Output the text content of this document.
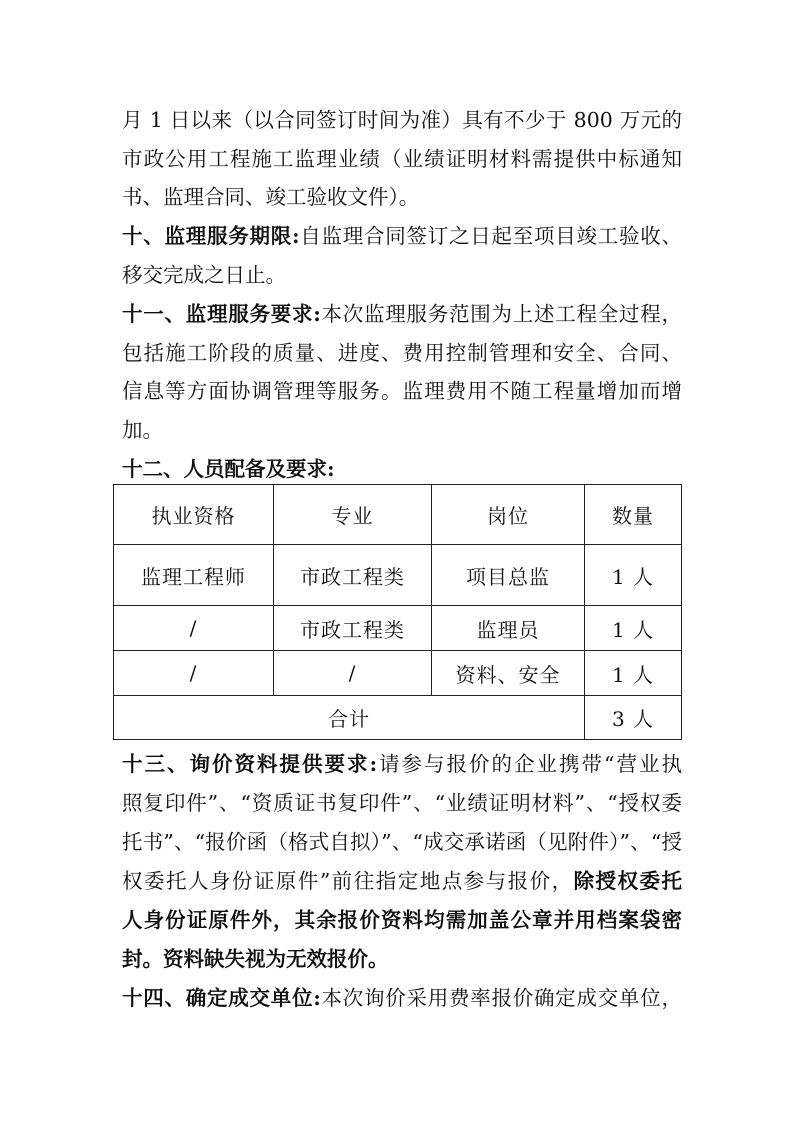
月 1 日以来（以合同签订时间为准）具有不少于 800 万元的
市政公用工程施工监理业绩（业绩证明材料需提供中标通知
书、监理合同、竣工验收文件）。
十、监理服务期限:自监理合同签订之日起至项目竣工验收、
移交完成之日止。
十一、监理服务要求:本次监理服务范围为上述工程全过程，
包括施工阶段的质量、进度、费用控制管理和安全、合同、
信息等方面协调管理等服务。监理费用不随工程量增加而增
加。
十二、人员配备及要求:
执业资格	专业	岗位	数量
监理工程师	市政工程类	项目总监	1 人
/	市政工程类	监理员	1 人
/	/	资料、安全	1 人
合计			3 人
十三、询价资料提供要求:请参与报价的企业携带“营业执
照复印件”、“资质证书复印件”、“业绩证明材料”、“授权委
托书”、“报价函（格式自拟）”、“成交承诺函（见附件）”、“授
权委托人身份证原件”前往指定地点参与报价，除授权委托
人身份证原件外，其余报价资料均需加盖公章并用档案袋密
封。资料缺失视为无效报价。
十四、确定成交单位:本次询价采用费率报价确定成交单位，
